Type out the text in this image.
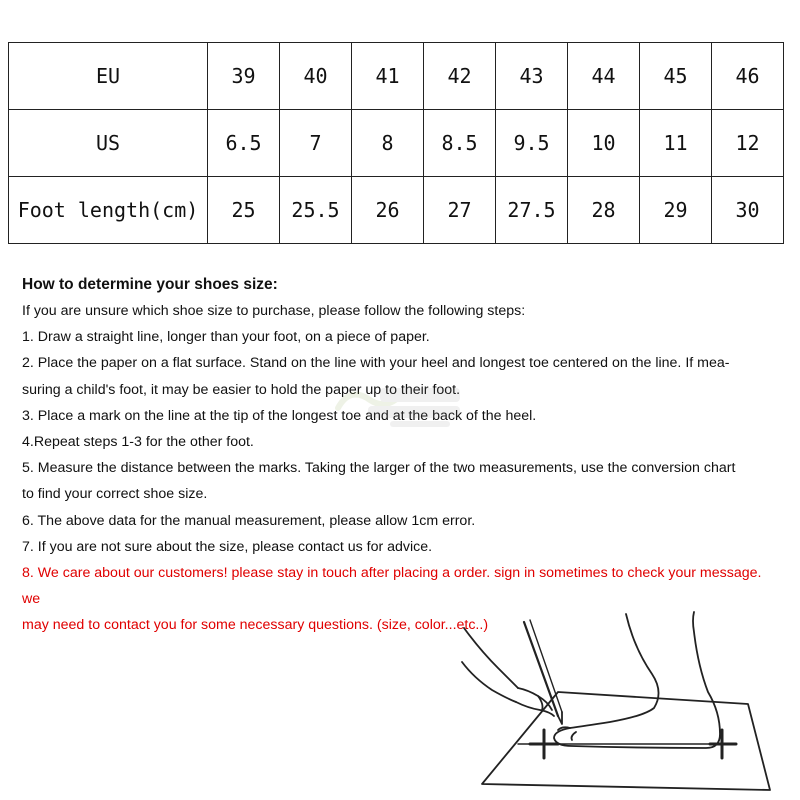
EU	39	40	41	42	43	44	45	46
US	6.5	7	8	8.5	9.5	10	11	12
Foot length(cm)	25	25.5	26	27	27.5	28	29	30
How to determine your shoes size:

If you are unsure which shoe size to purchase, please follow the following steps:

1. Draw a straight line, longer than your foot, on a piece of paper.

2. Place the paper on a flat surface. Stand on the line with your heel and longest toe centered on the line. If mea-

suring a child's foot, it may be easier to hold the paper up to their foot.

3. Place a mark on the line at the tip of the longest toe and at the back of the heel.

4.Repeat steps 1-3 for the other foot.

5. Measure the distance between the marks. Taking the larger of the two measurements, use the conversion chart

to find your correct shoe size.

6. The above data for the manual measurement, please allow 1cm error.

7. If you are not sure about the size, please contact us for advice.

8. We care about our customers! please stay in touch after placing a order. sign in sometimes to check your message. we

may need to contact you for some necessary questions. (size, color...etc..)
